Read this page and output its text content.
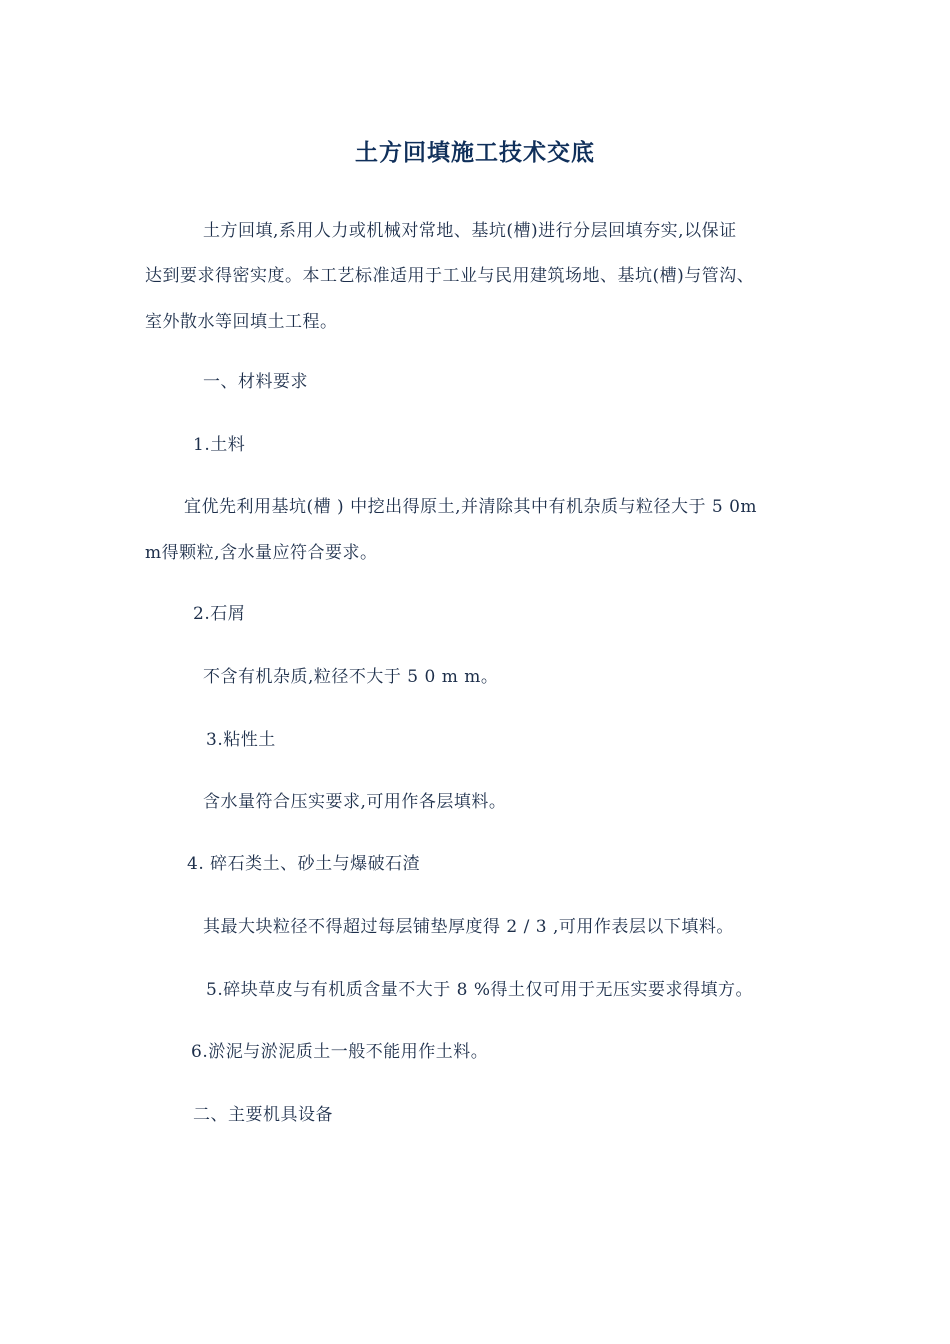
土方回填施工技术交底
土方回填,系用人力或机械对常地、基坑(槽)进行分层回填夯实,以保证
达到要求得密实度。本工艺标准适用于工业与民用建筑场地、基坑(槽)与管沟、
室外散水等回填土工程。
一、材料要求
1.土料
宜优先利用基坑(槽 ) 中挖出得原土,并清除其中有机杂质与粒径大于 5 0m
m得颗粒,含水量应符合要求。
2.石屑
不含有机杂质,粒径不大于 5 0 m m。
3.粘性土
含水量符合压实要求,可用作各层填料。
4. 碎石类土、砂土与爆破石渣
其最大块粒径不得超过每层铺垫厚度得 2 / 3 ,可用作表层以下填料。
5.碎块草皮与有机质含量不大于 8 %得土仅可用于无压实要求得填方。
6.淤泥与淤泥质土一般不能用作土料。
二、主要机具设备
